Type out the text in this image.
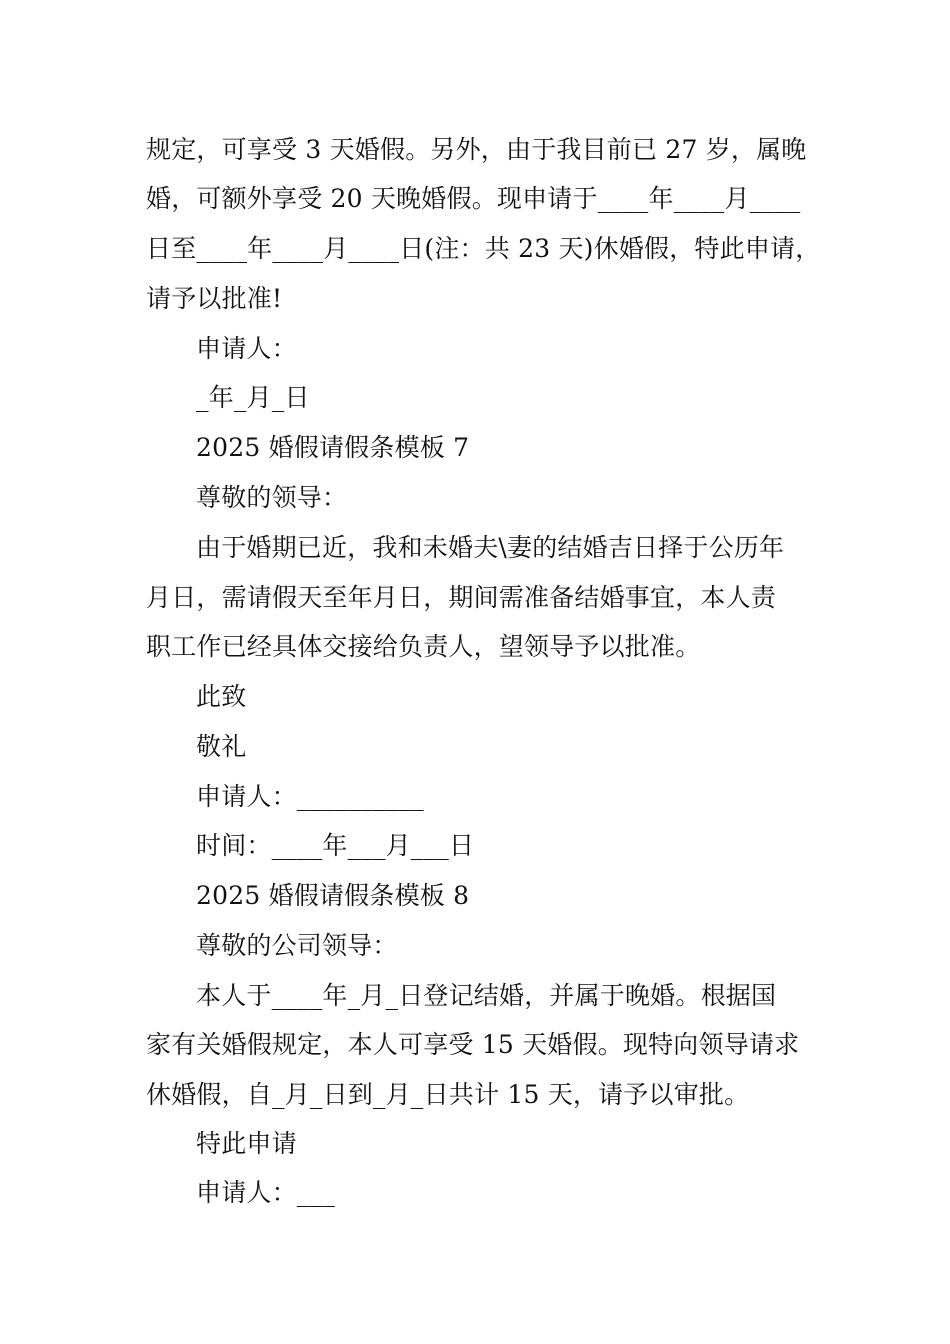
规定，可享受 3 天婚假。另外，由于我目前已 27 岁，属晚
婚，可额外享受 20 天晚婚假。现申请于____年____月____
日至____年____月____日(注：共 23 天)休婚假，特此申请，
请予以批准!
申请人：
_年_月_日
2025 婚假请假条模板 7
尊敬的领导：
由于婚期已近，我和未婚夫\妻的结婚吉日择于公历年
月日，需请假天至年月日，期间需准备结婚事宜，本人责
职工作已经具体交接给负责人，望领导予以批准。
此致
敬礼
申请人：__________
时间：____年___月___日
2025 婚假请假条模板 8
尊敬的公司领导：
本人于____年_月_日登记结婚，并属于晚婚。根据国
家有关婚假规定，本人可享受 15 天婚假。现特向领导请求
休婚假，自_月_日到_月_日共计 15 天，请予以审批。
特此申请
申请人：___
